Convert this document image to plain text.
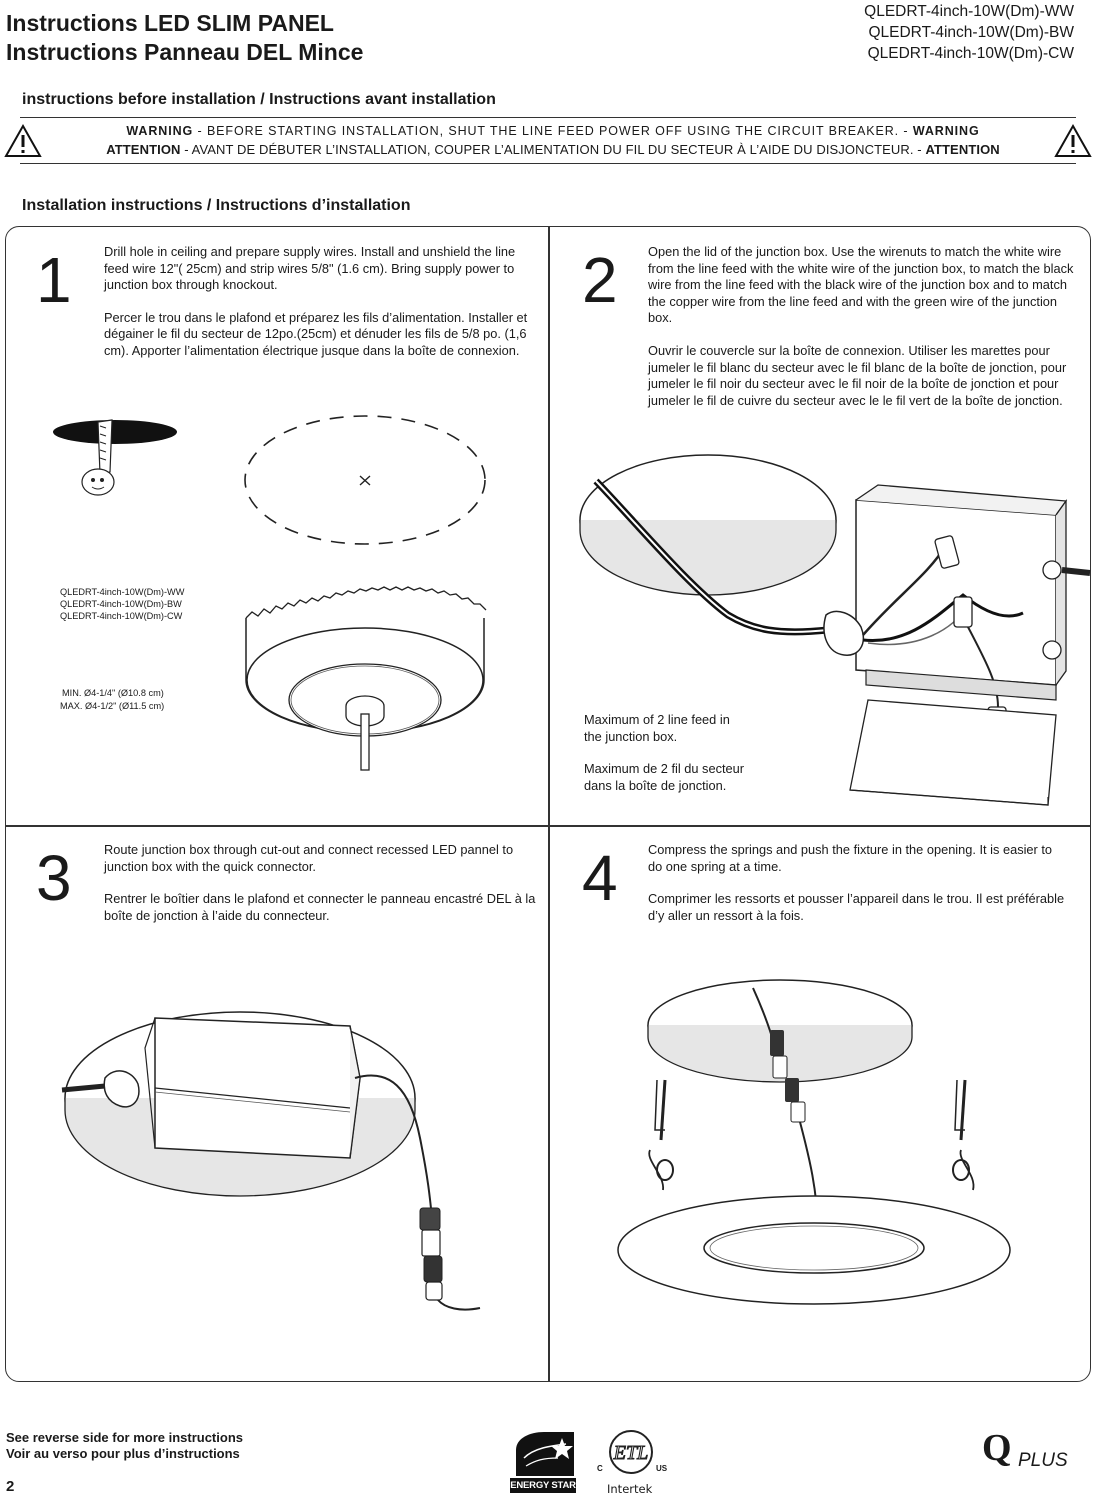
Instructions LED SLIM PANEL
Instructions Panneau DEL Mince
QLEDRT-4inch-10W(Dm)-WW
QLEDRT-4inch-10W(Dm)-BW
QLEDRT-4inch-10W(Dm)-CW
instructions before installation / Instructions avant installation
WARNING - BEFORE STARTING INSTALLATION, SHUT THE LINE FEED POWER OFF USING THE CIRCUIT BREAKER. - WARNING
ATTENTION - AVANT DE DÉBUTER L’INSTALLATION, COUPER L’ALIMENTATION DU FIL DU SECTEUR À L’AIDE DU DISJONCTEUR. - ATTENTION
Installation instructions / Instructions d’installation
1	Drill hole in ceiling and prepare supply wires. Install and unshield the line feed wire 12"( 25cm) and strip wires 5/8" (1.6 cm). Bring supply power to junction box through knockout.

Percer le trou dans le plafond et préparez les fils d’alimentation. Installer et dégainer le fil du secteur de 12po.(25cm) et dénuder les fils de 5/8 po. (1,6 cm). Apporter l’alimentation électrique jusque dans la boîte de connexion.

QLEDRT-4inch-10W(Dm)-WW
QLEDRT-4inch-10W(Dm)-BW
QLEDRT-4inch-10W(Dm)-CW
MIN. Ø4-1/4" (Ø10.8 cm)
MAX. Ø4-1/2" (Ø11.5 cm)
2 Open the lid of the junction box. Use the wirenuts to match the white wire from the line feed with the white wire of the junction box, to match the black wire from the line feed with the black wire of the junction box and to match the copper wire from the line feed and with the green wire of the junction box.

Ouvrir le couvercle sur la boîte de connexion. Utiliser les marettes pour jumeler le fil blanc du secteur avec le fil blanc de la boîte de jonction, pour jumeler le fil noir du secteur avec le fil noir de la boîte de jonction et pour jumeler le fil de cuivre du secteur avec le le fil vert de la boîte de jonction.

Maximum of 2 line feed in
the junction box.
Maximum de 2 fil du secteur
dans la boîte de jonction.
3	Route junction box through cut-out and connect recessed LED pannel to junction box with the quick connector.

Rentrer le boîtier dans le plafond et connecter le panneau encastré DEL à la boîte de jonction à l’aide du connecteur.

4 Compress the springs and push the fixture in the opening. It is easier to do one spring at a time.

Comprimer les ressorts et pousser l’appareil dans le trou. Il est préférable d’y aller un ressort à la fois.

See reverse side for more instructions
Voir au verso pour plus d’instructions
2	ENERGY STAR
ETL
C	US
Intertek
Q PLUS
